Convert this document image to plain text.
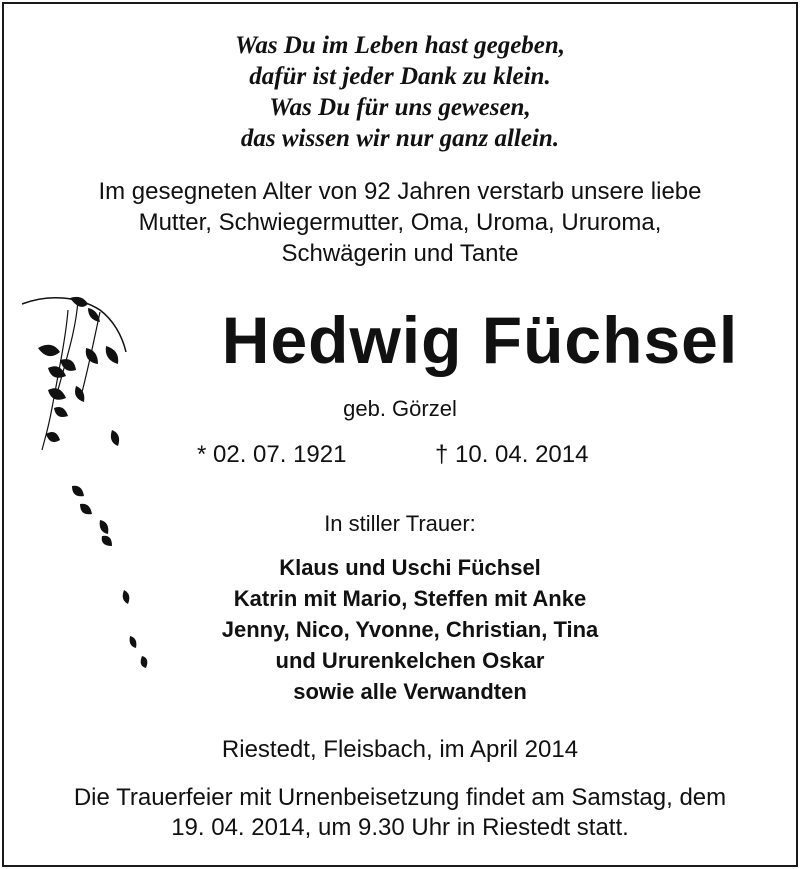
Was Du im Leben hast gegeben,
dafür ist jeder Dank zu klein.
Was Du für uns gewesen,
das wissen wir nur ganz allein.
Im gesegneten Alter von 92 Jahren verstarb unsere liebe
Mutter, Schwiegermutter, Oma, Uroma, Ururoma,
Schwägerin und Tante
Hedwig Füchsel
geb. Görzel
* 02. 07. 1921	† 10. 04. 2014
In stiller Trauer:
Klaus und Uschi Füchsel
Katrin mit Mario, Steffen mit Anke
Jenny, Nico, Yvonne, Christian, Tina
und Ururenkelchen Oskar
sowie alle Verwandten
Riestedt, Fleisbach, im April 2014
Die Trauerfeier mit Urnenbeisetzung findet am Samstag, dem
19. 04. 2014, um 9.30 Uhr in Riestedt statt.
